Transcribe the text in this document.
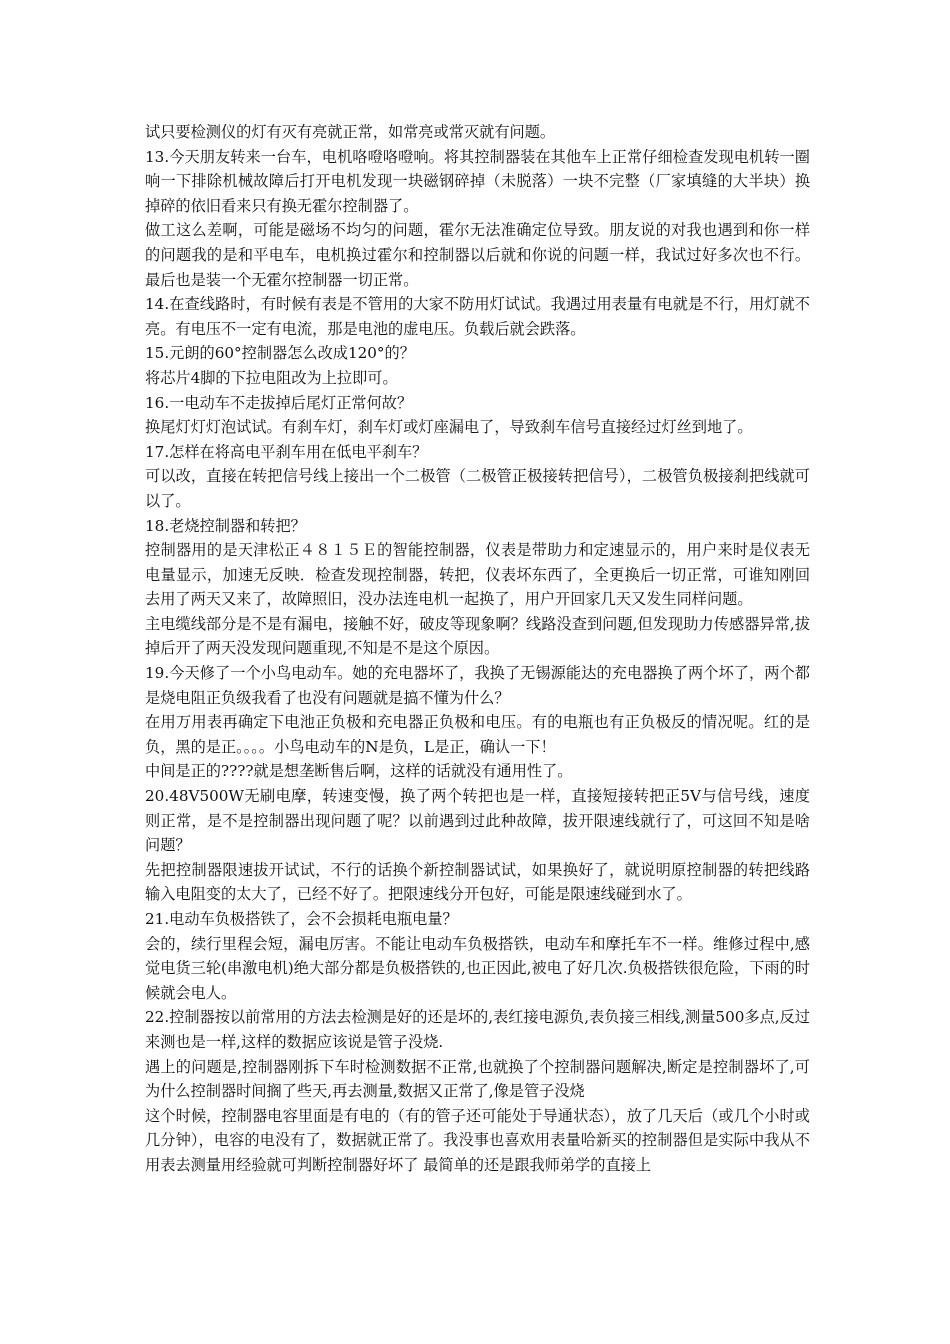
试只要检测仪的灯有灭有亮就正常，如常亮或常灭就有问题。

13.今天朋友转来一台车，电机咯噔咯噔响。将其控制器装在其他车上正常仔细检查发现电机转一圈响一下排除机械故障后打开电机发现一块磁钢碎掉（未脱落）一块不完整（厂家填缝的大半块）换掉碎的依旧看来只有换无霍尔控制器了。

做工这么差啊，可能是磁场不均匀的问题，霍尔无法准确定位导致。朋友说的对我也遇到和你一样的问题我的是和平电车，电机换过霍尔和控制器以后就和你说的问题一样，我试过好多次也不行。最后也是装一个无霍尔控制器一切正常。

14.在查线路时，有时候有表是不管用的大家不防用灯试试。我遇过用表量有电就是不行，用灯就不亮。有电压不一定有电流，那是电池的虚电压。负载后就会跌落。

15.元朗的60°控制器怎么改成120°的？

将芯片4脚的下拉电阻改为上拉即可。

16.一电动车不走拔掉后尾灯正常何故？

换尾灯灯灯泡试试。有刹车灯，刹车灯或灯座漏电了，导致刹车信号直接经过灯丝到地了。

17.怎样在将高电平刹车用在低电平刹车？

可以改，直接在转把信号线上接出一个二极管（二极管正极接转把信号），二极管负极接刹把线就可以了。

18.老烧控制器和转把？

控制器用的是天津松正４８１５Ｅ的智能控制器，仪表是带助力和定速显示的，用户来时是仪表无电量显示，加速无反映．检查发现控制器，转把，仪表坏东西了，全更换后一切正常，可谁知刚回去用了两天又来了，故障照旧，没办法连电机一起换了，用户开回家几天又发生同样问题。

主电缆线部分是不是有漏电，接触不好，破皮等现象啊？线路没查到问题,但发现助力传感器异常,拔掉后开了两天没发现问题重现,不知是不是这个原因。

19.今天修了一个小鸟电动车。她的充电器坏了，我换了无锡源能达的充电器换了两个坏了，两个都是烧电阻正负级我看了也没有问题就是搞不懂为什么？

在用万用表再确定下电池正负极和充电器正负极和电压。有的电瓶也有正负极反的情况呢。红的是负，黑的是正。。。。小鸟电动车的N是负，L是正，确认一下！

中间是正的????就是想垄断售后啊，这样的话就没有通用性了。

20.48V500W无刷电摩，转速变慢，换了两个转把也是一样，直接短接转把正5V与信号线，速度则正常，是不是控制器出现问题了呢？以前遇到过此种故障，拔开限速线就行了，可这回不知是啥问题？

先把控制器限速拔开试试，不行的话换个新控制器试试，如果换好了，就说明原控制器的转把线路输入电阻变的太大了，已经不好了。把限速线分开包好，可能是限速线碰到水了。

21.电动车负极搭铁了，会不会损耗电瓶电量？

会的，续行里程会短，漏电厉害。不能让电动车负极搭铁，电动车和摩托车不一样。维修过程中,感觉电货三轮(串激电机)绝大部分都是负极搭铁的,也正因此,被电了好几次.负极搭铁很危险，下雨的时候就会电人。

22.控制器按以前常用的方法去检测是好的还是坏的,表红接电源负,表负接三相线,测量500多点,反过来测也是一样,这样的数据应该说是管子没烧.

遇上的问题是,控制器刚拆下车时检测数据不正常,也就换了个控制器问题解决,断定是控制器坏了,可为什么控制器时间搁了些天,再去测量,数据又正常了,像是管子没烧

这个时候，控制器电容里面是有电的（有的管子还可能处于导通状态），放了几天后（或几个小时或几分钟），电容的电没有了，数据就正常了。我没事也喜欢用表量哈新买的控制器但是实际中我从不用表去测量用经验就可判断控制器好坏了 最简单的还是跟我师弟学的直接上
